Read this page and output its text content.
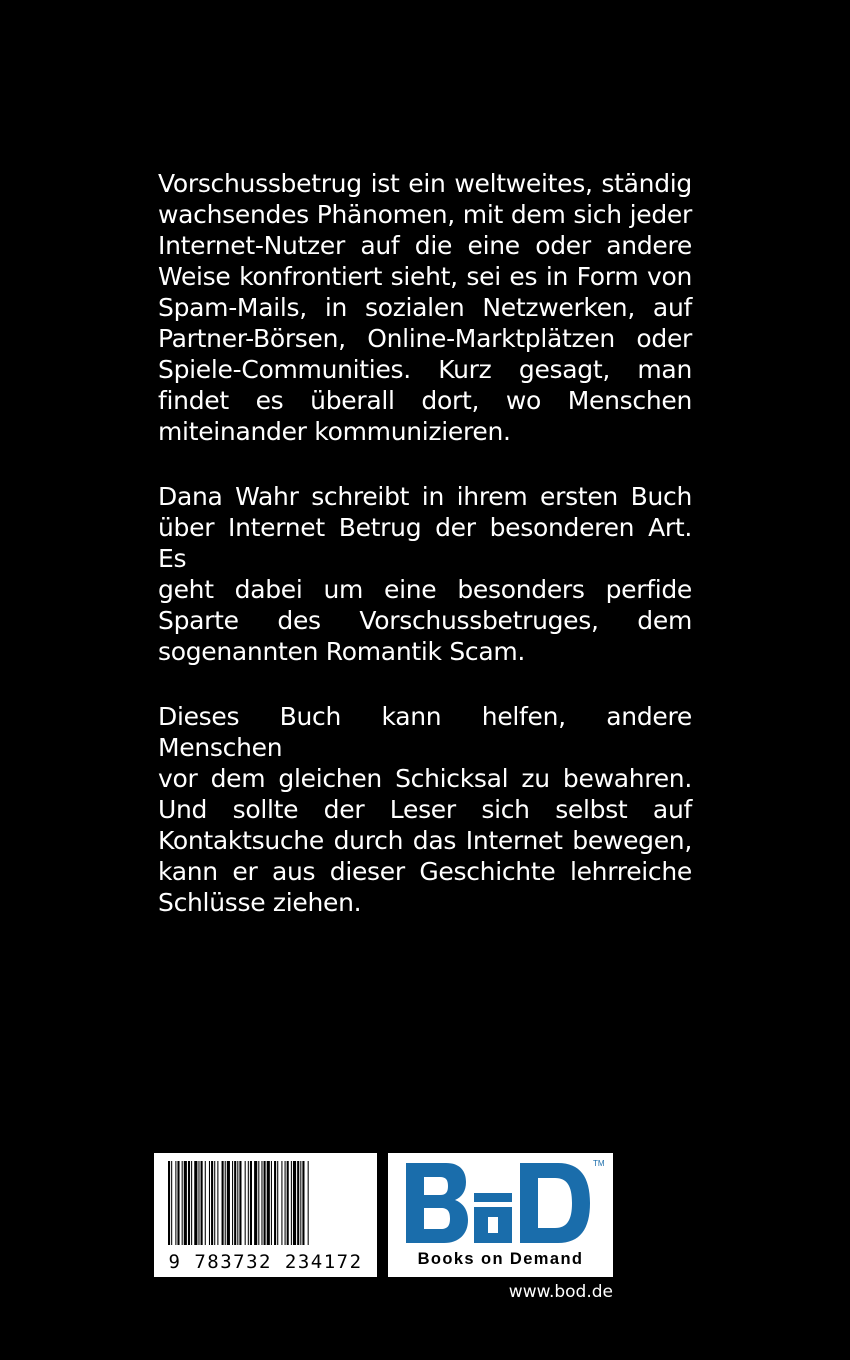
Vorschussbetrug ist ein weltweites, ständig
wachsendes Phänomen, mit dem sich jeder
Internet-Nutzer auf die eine oder andere
Weise konfrontiert sieht, sei es in Form von
Spam-Mails, in sozialen Netzwerken, auf
Partner-Börsen, Online-Marktplätzen oder
Spiele-Communities. Kurz gesagt, man
findet es überall dort, wo Menschen
miteinander kommunizieren.

Dana Wahr schreibt in ihrem ersten Buch
über Internet Betrug der besonderen Art. Es
geht dabei um eine besonders perfide
Sparte des Vorschussbetruges, dem
sogenannten Romantik Scam.

Dieses Buch kann helfen, andere Menschen
vor dem gleichen Schicksal zu bewahren.
Und sollte der Leser sich selbst auf
Kontaktsuche durch das Internet bewegen,
kann er aus dieser Geschichte lehrreiche
Schlüsse ziehen.

9 783732 234172
TM
Books on Demand
www.bod.de
